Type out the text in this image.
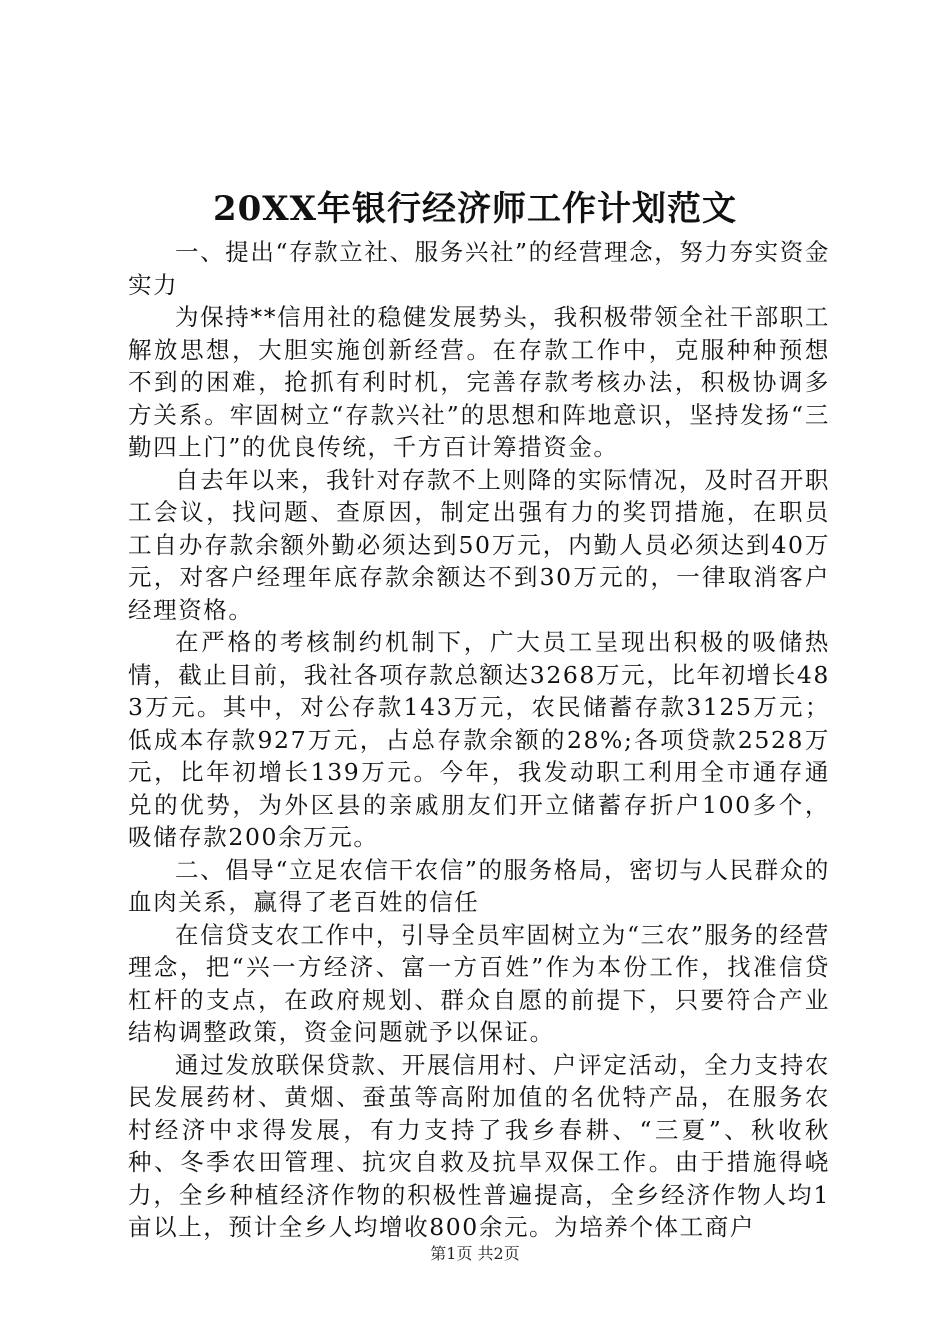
20XX年银行经济师工作计划范文

一、提出“存款立社、服务兴社”的经营理念，努力夯实资金实力

为保持**信用社的稳健发展势头，我积极带领全社干部职工解放思想，大胆实施创新经营。在存款工作中，克服种种预想不到的困难，抢抓有利时机，完善存款考核办法，积极协调多方关系。牢固树立“存款兴社”的思想和阵地意识，坚持发扬“三勤四上门”的优良传统，千方百计筹措资金。

自去年以来，我针对存款不上则降的实际情况，及时召开职工会议，找问题、查原因，制定出强有力的奖罚措施，在职员工自办存款余额外勤必须达到50万元，内勤人员必须达到40万元，对客户经理年底存款余额达不到30万元的，一律取消客户经理资格。

在严格的考核制约机制下，广大员工呈现出积极的吸储热情，截止目前，我社各项存款总额达3268万元，比年初增长483万元。其中，对公存款143万元，农民储蓄存款3125万元；低成本存款927万元，占总存款余额的28%;各项贷款2528万元，比年初增长139万元。今年，我发动职工利用全市通存通兑的优势，为外区县的亲戚朋友们开立储蓄存折户100多个，吸储存款200余万元。

二、倡导“立足农信干农信”的服务格局，密切与人民群众的血肉关系，赢得了老百姓的信任

在信贷支农工作中，引导全员牢固树立为“三农”服务的经营理念，把“兴一方经济、富一方百姓”作为本份工作，找准信贷杠杆的支点，在政府规划、群众自愿的前提下，只要符合产业结构调整政策，资金问题就予以保证。

通过发放联保贷款、开展信用村、户评定活动，全力支持农民发展药材、黄烟、蚕茧等高附加值的名优特产品，在服务农村经济中求得发展，有力支持了我乡春耕、“三夏”、秋收秋种、冬季农田管理、抗灾自救及抗旱双保工作。由于措施得峣力，全乡种植经济作物的积极性普遍提高，全乡经济作物人均1亩以上，预计全乡人均增收800余元。为培养个体工商户

第1页 共2页
